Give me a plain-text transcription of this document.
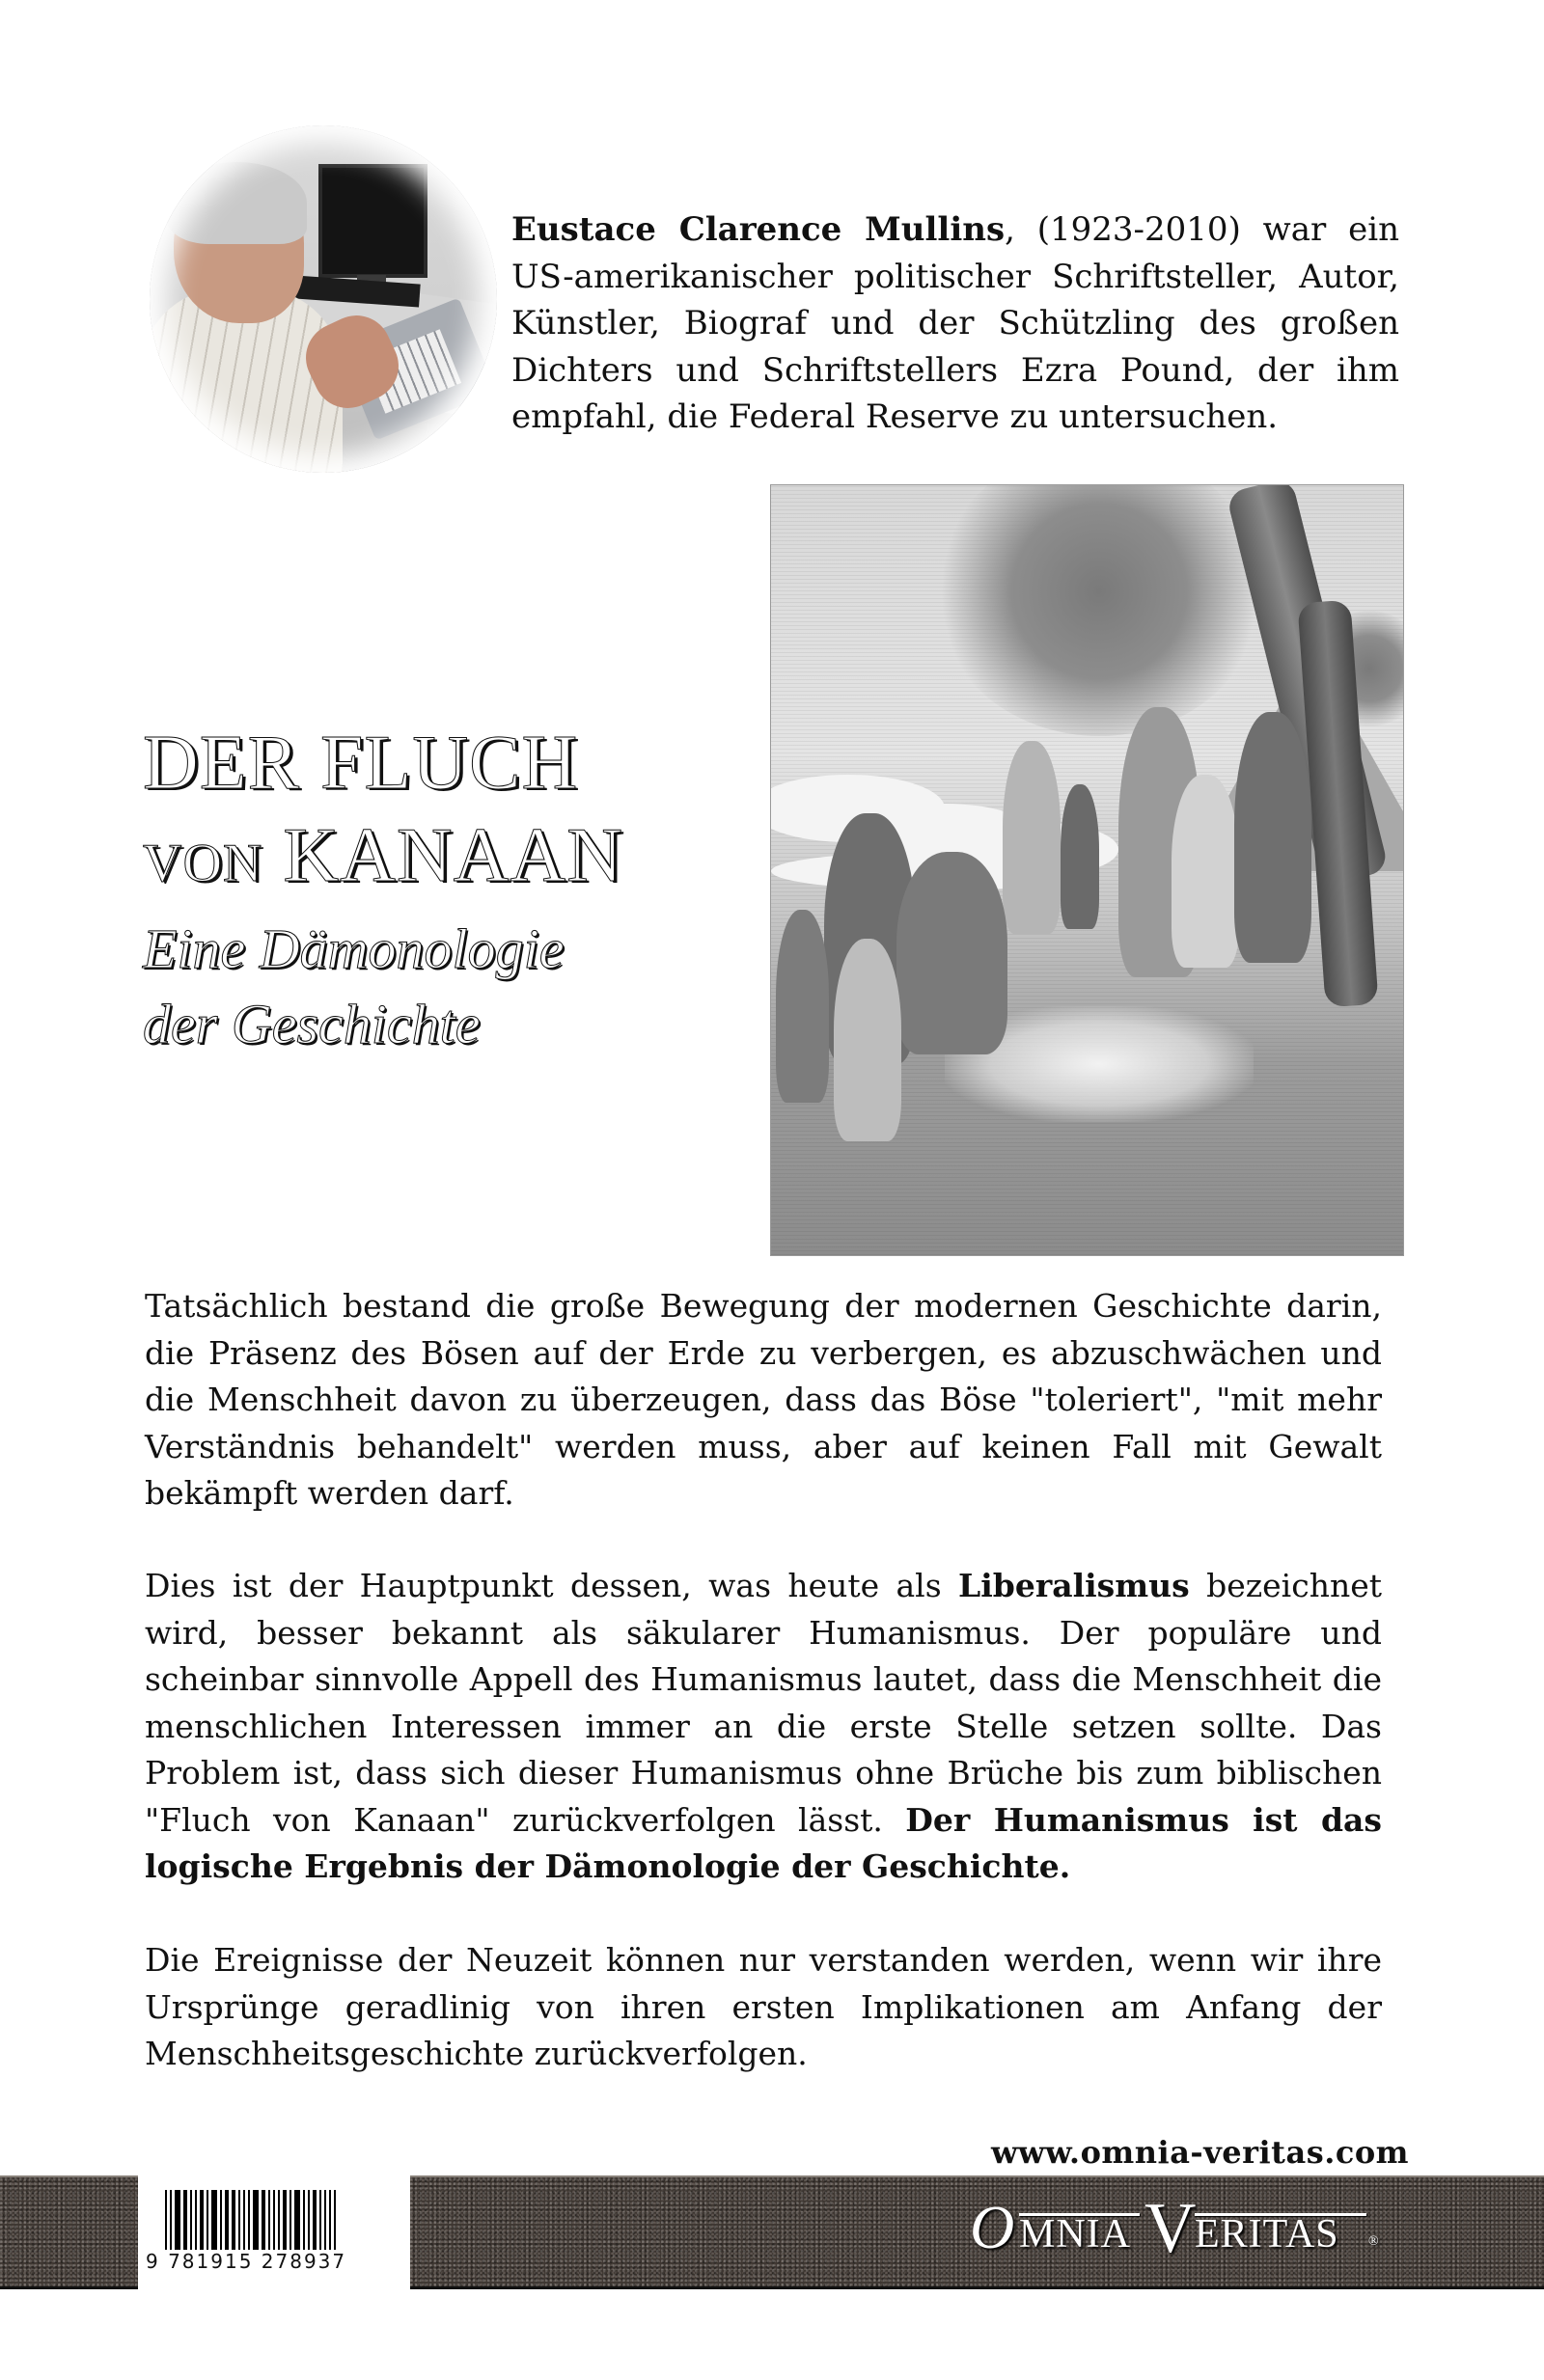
Eustace Clarence Mullins, (1923-2010) war ein US-amerikanischer politischer Schriftsteller, Autor, Künstler, Biograf und der Schützling des großen Dichters und Schriftstellers Ezra Pound, der ihm empfahl, die Federal Reserve zu untersuchen.
DER FLUCH
VON KANAAN
Eine Dämonologie
der Geschichte
Tatsächlich bestand die große Bewegung der modernen Geschichte darin, die Präsenz des Bösen auf der Erde zu verbergen, es abzuschwächen und die Menschheit davon zu überzeugen, dass das Böse "toleriert", "mit mehr Verständnis behandelt" werden muss, aber auf keinen Fall mit Gewalt bekämpft werden darf.
Dies ist der Hauptpunkt dessen, was heute als Liberalismus bezeichnet wird, besser bekannt als säkularer Humanismus. Der populäre und scheinbar sinnvolle Appell des Humanismus lautet, dass die Menschheit die menschlichen Interessen immer an die erste Stelle setzen sollte. Das Problem ist, dass sich dieser Humanismus ohne Brüche bis zum biblischen "Fluch von Kanaan" zurückverfolgen lässt. Der Humanismus ist das logische Ergebnis der Dämonologie der Geschichte.
Die Ereignisse der Neuzeit können nur verstanden werden, wenn wir ihre Ursprünge geradlinig von ihren ersten Implikationen am Anfang der Menschheitsgeschichte zurückverfolgen.
www.omnia-veritas.com
9 781915 278937	O MNIA V
ERITAS ®
